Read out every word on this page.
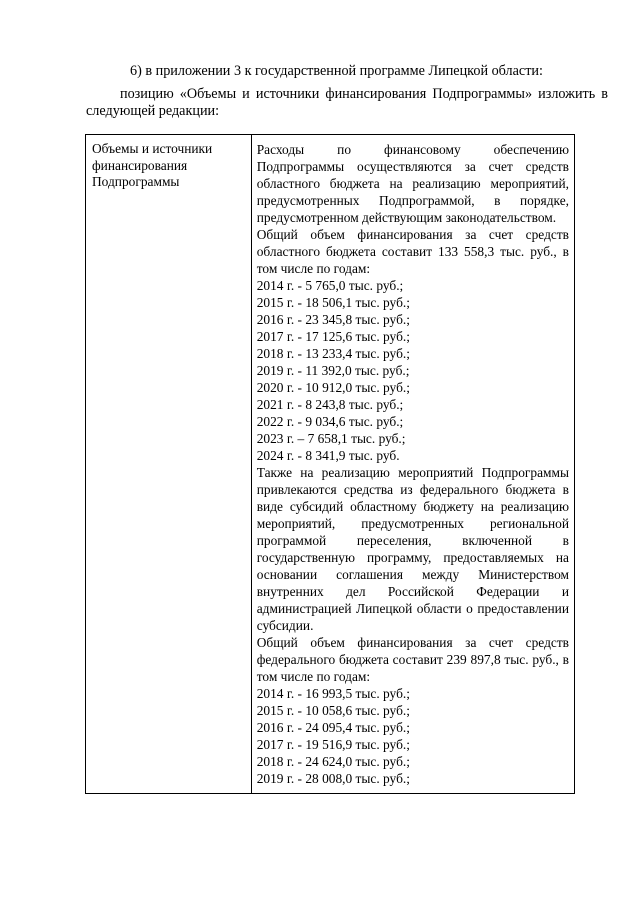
6) в приложении 3 к государственной программе Липецкой области:
позицию «Объемы и источники финансирования Подпрограммы» изложить в следующей редакции:
Объемы и источники финансирования Подпрограммы

Расходы по финансовому обеспечению Подпрограммы осуществляются за счет средств областного бюджета на реализацию мероприятий, предусмотренных Подпрограммой, в порядке, предусмотренном действующим законодательством.
Общий объем финансирования за счет средств областного бюджета составит 133 558,3 тыс. руб., в том числе по годам:
2014 г. - 5 765,0 тыс. руб.;
2015 г. - 18 506,1 тыс. руб.;
2016 г. - 23 345,8 тыс. руб.;
2017 г. - 17 125,6 тыс. руб.;
2018 г. - 13 233,4 тыс. руб.;
2019 г. - 11 392,0 тыс. руб.;
2020 г. - 10 912,0 тыс. руб.;
2021 г. - 8 243,8 тыс. руб.;
2022 г. - 9 034,6 тыс. руб.;
2023 г. – 7 658,1 тыс. руб.;
2024 г. - 8 341,9 тыс. руб.
Также на реализацию мероприятий Подпрограммы привлекаются средства из федерального бюджета в виде субсидий областному бюджету на реализацию мероприятий, предусмотренных региональной программой переселения, включенной в государственную программу, предоставляемых на основании соглашения между Министерством внутренних дел Российской Федерации и администрацией Липецкой области о предоставлении субсидии.
Общий объем финансирования за счет средств федерального бюджета составит 239 897,8 тыс. руб., в том числе по годам:
2014 г. - 16 993,5 тыс. руб.;
2015 г. - 10 058,6 тыс. руб.;
2016 г. - 24 095,4 тыс. руб.;
2017 г. - 19 516,9 тыс. руб.;
2018 г. - 24 624,0 тыс. руб.;
2019 г. - 28 008,0 тыс. руб.;
